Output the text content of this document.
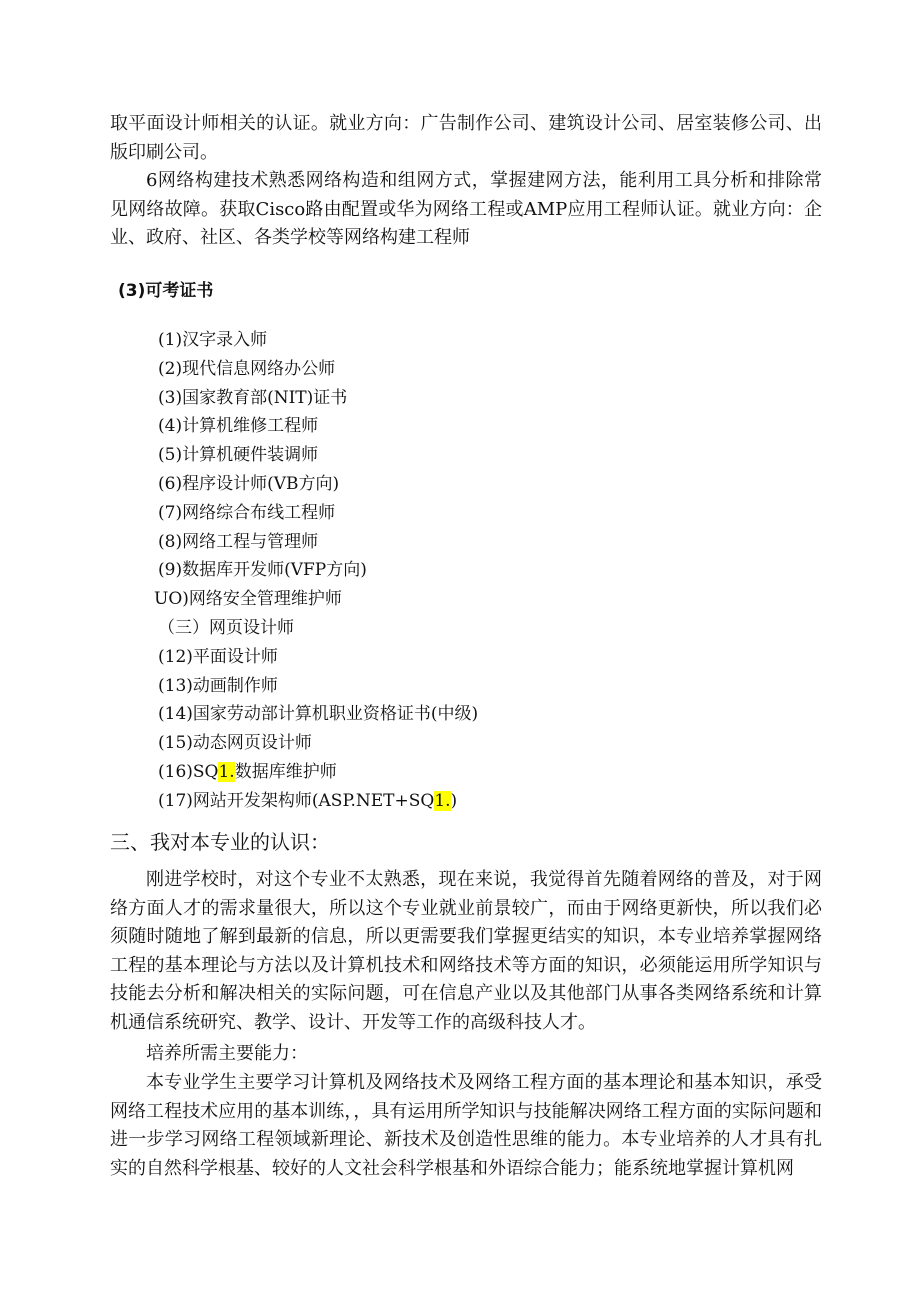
取平面设计师相关的认证。就业方向：广告制作公司、建筑设计公司、居室装修公司、出版印刷公司。

6网络构建技术熟悉网络构造和组网方式，掌握建网方法，能利用工具分析和排除常见网络故障。获取Cisco路由配置或华为网络工程或AMP应用工程师认证。就业方向：企业、政府、社区、各类学校等网络构建工程师

(3)可考证书

(1)汉字录入师
(2)现代信息网络办公师
(3)国家教育部(NIT)证书
(4)计算机维修工程师
(5)计算机硬件装调师
(6)程序设计师(VB方向)
(7)网络综合布线工程师
(8)网络工程与管理师
(9)数据库开发师(VFP方向)
UO)网络安全管理维护师
（三）网页设计师
(12)平面设计师
(13)动画制作师
(14)国家劳动部计算机职业资格证书(中级)
(15)动态网页设计师
(16)SQ1.数据库维护师
(17)网站开发架构师(ASP.NET+SQ1.)
三、我对本专业的认识：

刚进学校时，对这个专业不太熟悉，现在来说，我觉得首先随着网络的普及，对于网络方面人才的需求量很大，所以这个专业就业前景较广，而由于网络更新快，所以我们必须随时随地了解到最新的信息，所以更需要我们掌握更结实的知识，本专业培养掌握网络工程的基本理论与方法以及计算机技术和网络技术等方面的知识，必须能运用所学知识与技能去分析和解决相关的实际问题，可在信息产业以及其他部门从事各类网络系统和计算机通信系统研究、教学、设计、开发等工作的高级科技人才。

培养所需主要能力：

本专业学生主要学习计算机及网络技术及网络工程方面的基本理论和基本知识，承受网络工程技术应用的基本训练，，具有运用所学知识与技能解决网络工程方面的实际问题和进一步学习网络工程领域新理论、新技术及创造性思维的能力。本专业培养的人才具有扎实的自然科学根基、较好的人文社会科学根基和外语综合能力；能系统地掌握计算机网
